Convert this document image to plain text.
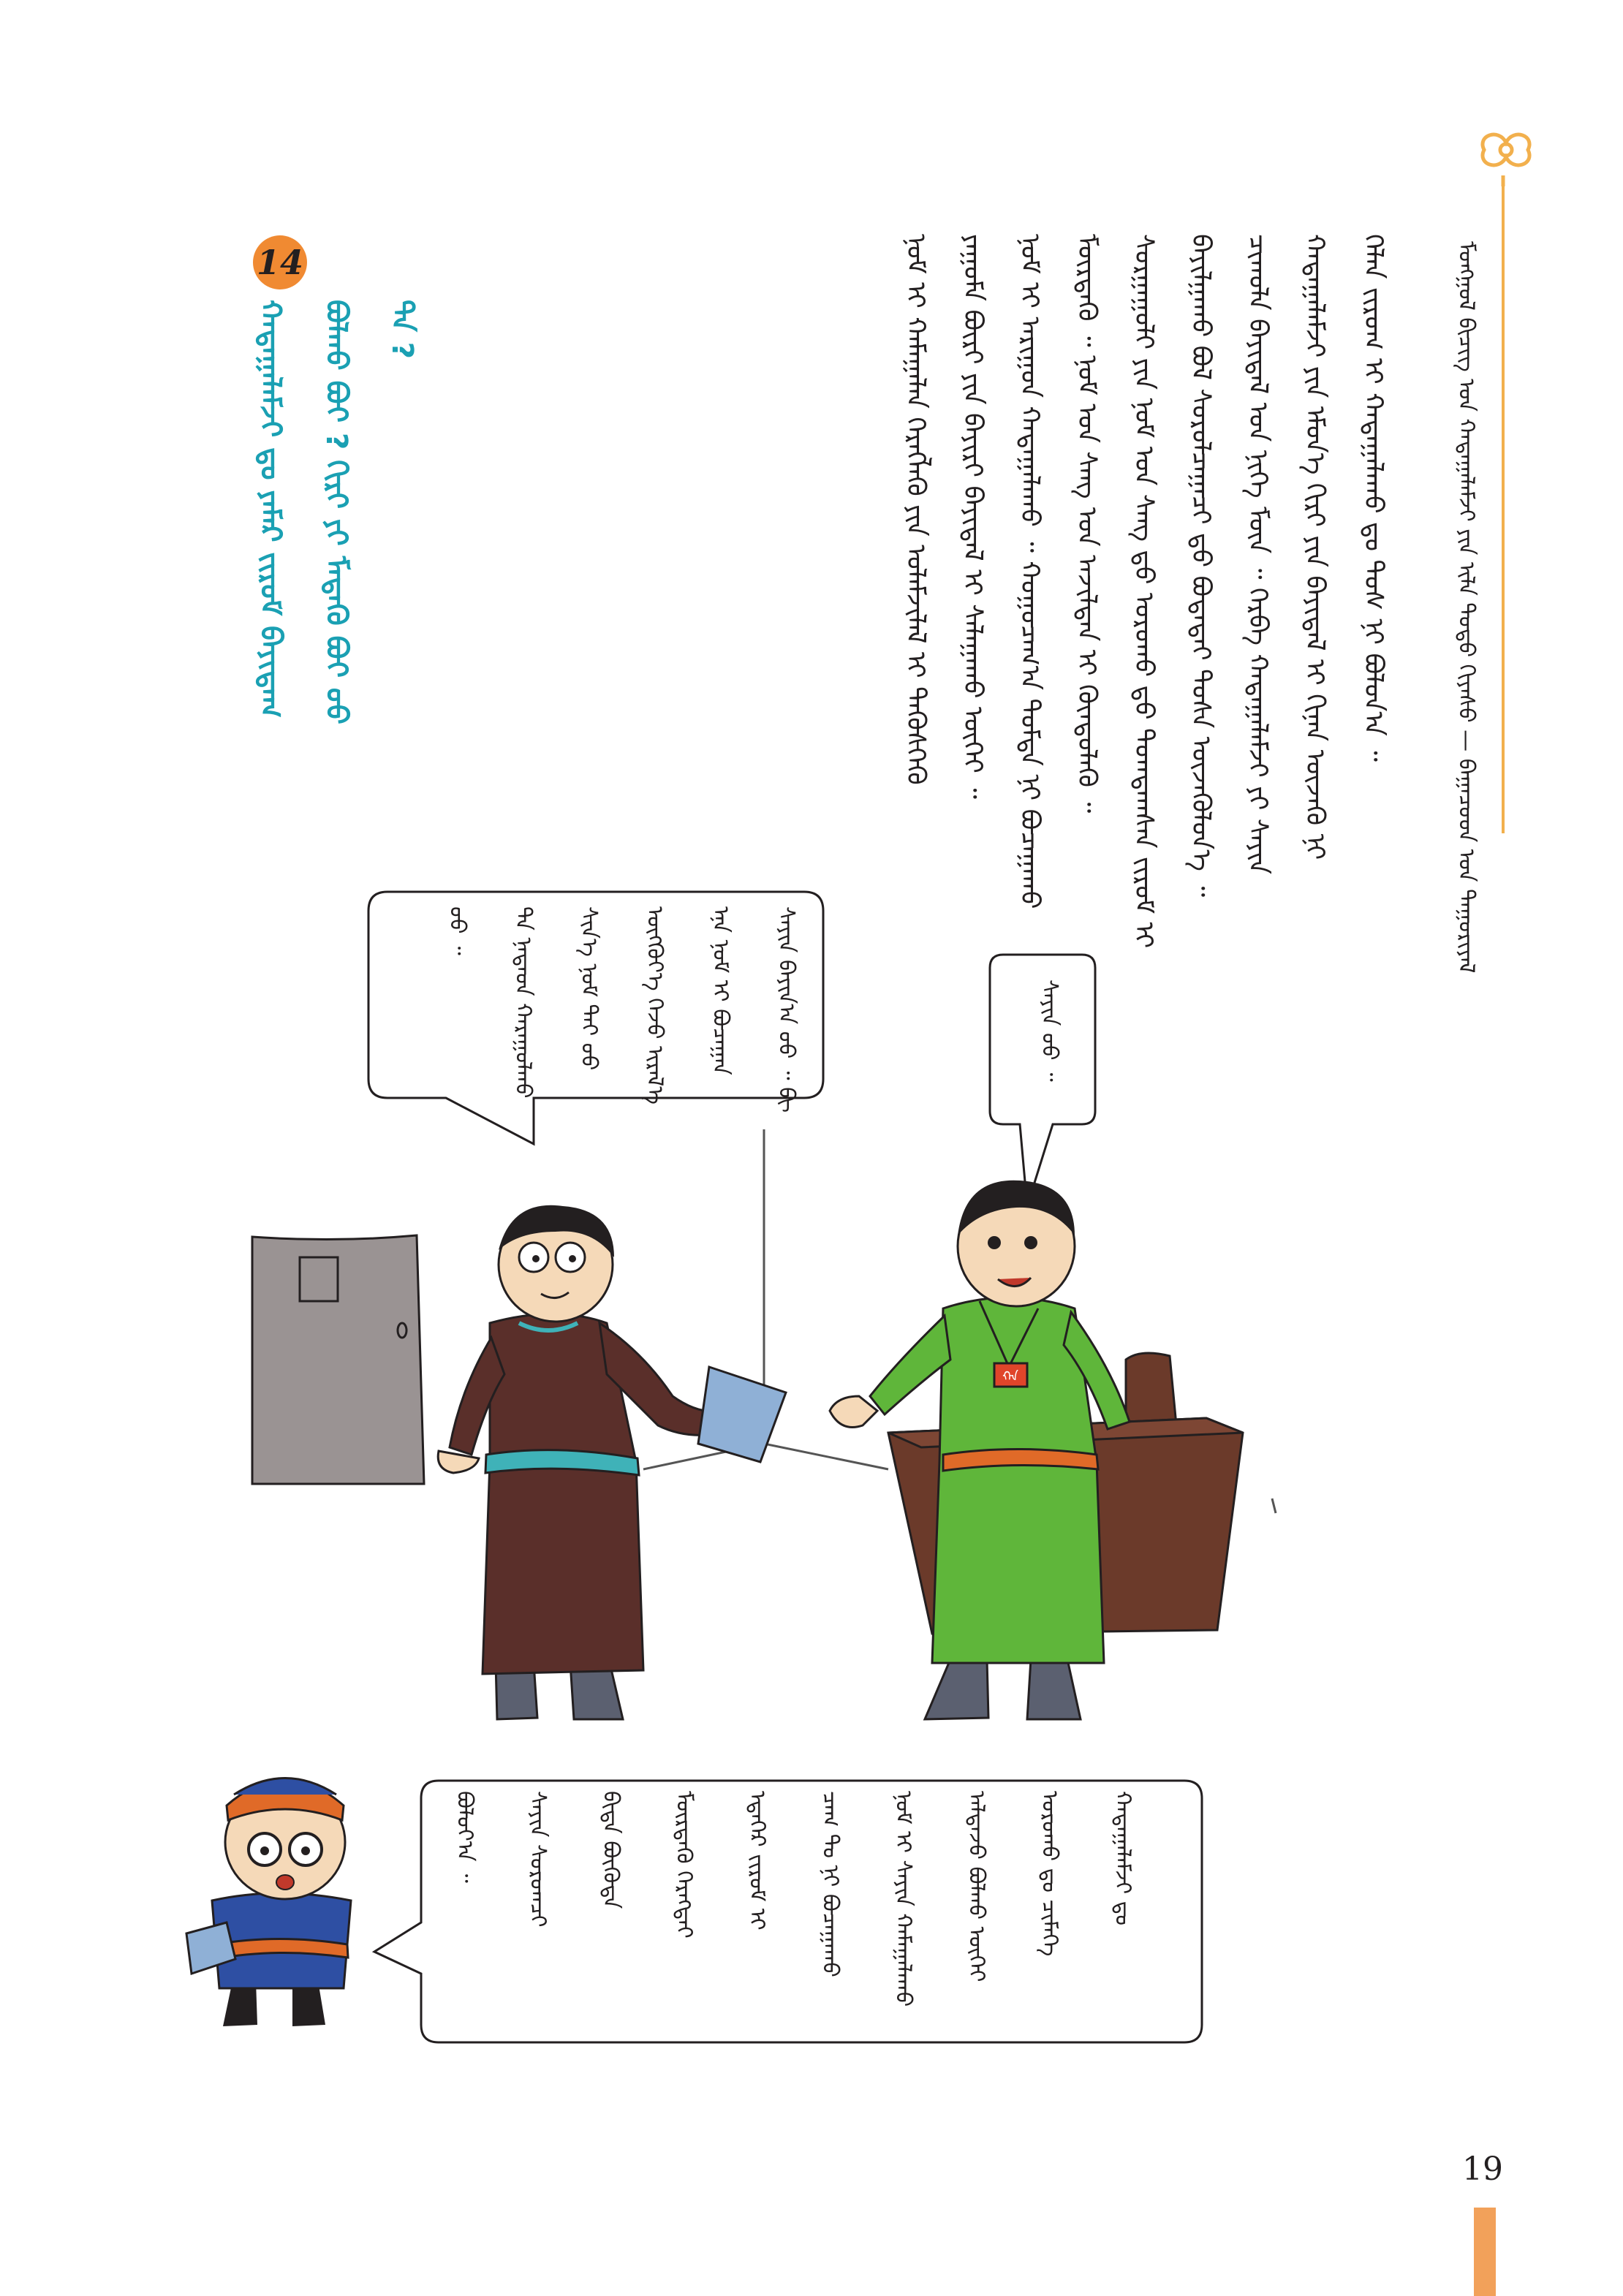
ᠮᠣᠩᠭᠣᠯ ᠪᠢᠴᠢᠭ᠌ ᠤᠨ ᠬᠠᠳᠠᠭᠠᠯᠠᠮᠵᠢ ᠶᠢᠨ ᠢᠯᠡ ᠲᠣᠳᠣ ᠬᠢᠶᠠᠰᠤ — ᠪᠠᠭᠠᠴᠤᠳ ᠤᠨ ᠳᠠᠭᠤᠷᠢᠶᠠᠯ
ᠬᠡᠯᠡᠨ ᠵᠢᠷᠤᠭ ᠢ ᠬᠠᠳᠠᠭᠠᠯᠠᠬᠤ ᠳᠤ ᠲᠤᠰ ᠨᠢ ᠪᠣᠯᠤᠨ᠎ᠠ ᠃
ᠬᠠᠳᠠᠭᠠᠯᠠᠮᠵᠢ ᠶᠢᠨ ᠡᠮᠦᠨ᠎ᠡ ᠬᠢᠷᠢ ᠶᠢᠨ ᠪᠠᠶᠢᠳᠠᠯ ᠢ ᠬᠢᠨᠠᠨ ᠦᠵᠡᠬᠦ ᠨᠢ
ᠴᠢᠬᠤᠯᠠ ᠪᠠᠶᠢᠳᠠᠯ ᠤᠨ ᠨᠢᠭᠡ ᠮᠥᠨ ᠃ ᠬᠡᠷᠪᠡ ᠬᠠᠳᠠᠭᠠᠯᠠᠮᠵᠢ ᠶᠢ ᠰᠠᠶᠢᠨ
ᠪᠠᠶᠢᠯᠭᠠᠬᠤ ᠪᠣᠯ ᠰᠤᠷᠤᠯᠴᠠᠭᠠᠴᠢ ᠳ᠋ᠤ ᠪᠣᠳᠠᠳᠠᠢ ᠲᠤᠰᠠ ᠦᠵᠡᠭᠦᠯᠦᠨ᠎ᠡ ᠃
ᠰᠤᠷᠭᠠᠭᠤᠯᠢ ᠶᠢᠨ ᠨᠣᠮ ᠤᠨ ᠰᠠᠩ ᠳ᠋ᠤ ᠣᠷᠣᠬᠤ ᠳ᠋ᠤ ᠲᠣᠭᠲᠠᠭᠰᠠᠨ ᠵᠢᠷᠤᠮ ᠢ
ᠮᠥᠷᠳᠡᠬᠦ ᠃ ᠨᠣᠮ ᠤᠨ ᠰᠠᠩ ᠤᠨ ᠠᠵᠢᠯᠲᠠᠨ ᠢ ᠬᠦᠨᠳᠦᠯᠡᠬᠦ ᠃
ᠨᠣᠮ ᠢ ᠠᠷᠢᠭᠤᠨ ᠬᠠᠳᠠᠭᠠᠯᠠᠬᠤ ᠃ ᠬᠤᠭᠤᠴᠠᠭ᠎ᠠ ᠳᠤᠮᠳᠠ ᠨᠢ ᠪᠤᠴᠠᠭᠠᠬᠤ
ᠶᠠᠭᠤᠮᠠ ᠪᠦᠷᠢ ᠶᠢᠨ ᠪᠠᠶᠢᠷᠢ ᠪᠠᠶᠢᠳᠠᠯ ᠢ ᠰᠠᠯᠠᠭᠠᠬᠤ ᠦᠭᠡᠢ ᠃
ᠨᠣᠮ ᠢ ᠬᠠᠮᠠᠭᠠᠯᠠᠨ ᠬᠡᠷᠡᠭᠯᠡᠬᠦ ᠶᠢᠨ ᠤᠯᠠᠮᠵᠢᠯᠠᠯ ᠢ ᠲᠡᠭᠦᠰᠭᠡᠬᠦ
14
ᠬᠠᠳᠠᠭᠠᠯᠠᠮᠵᠢ ᠳᠤ ᠶᠠᠮᠠᠷ ᠵᠢᠷᠤᠮ ᠪᠠᠶᠢᠳᠠᠭ ᠪᠣᠯᠬᠤ ᠪᠣᠢ ? ᠬᠢᠷᠢ ᠶᠢ ᠮᠡᠳᠡᠬᠦ ᠪᠤᠢ ᠤᠤ ᠲᠠ ?
ᠬᠠ
ᠰᠠᠶᠢᠨ ᠤᠤ ᠃
ᠰᠠᠶᠢᠨ ᠪᠠᠶᠢᠨ᠎ᠠ ᠤᠤ ᠃ ᠪᠢ
ᠡᠨᠡ ᠨᠣᠮ ᠢ ᠪᠤᠴᠠᠭᠠᠨ
ᠥᠭᠭᠦᠶ᠎ᠡ ᠭᠡᠵᠦ ᠢᠷᠡᠯ᠎ᠡ
ᠰᠢᠨ᠎ᠡ ᠨᠣᠮ ᠲᠠᠢ ᠤᠤ
ᠲᠠ ᠨᠠᠳᠠᠳ ᠬᠠᠷᠠᠭᠤᠯᠬᠤ
ᠤᠤ ᠃
ᠬᠠᠳᠠᠭᠠᠯᠠᠮᠵᠢ ᠳᠤ
ᠣᠷᠣᠬᠤ ᠳᠤ ᠴᠢᠮᠡᠭᠡ
ᠠᠯᠳᠠᠵᠤ ᠪᠣᠯᠬᠤ ᠦᠭᠡᠢ
ᠨᠣᠮ ᠢ ᠰᠠᠶᠢᠨ ᠬᠠᠮᠠᠭᠠᠯᠠᠬᠤ
ᠴᠠᠭ ᠲᠤ ᠨᠢ ᠪᠤᠴᠠᠭᠠᠬᠤ
ᠡᠳᠡᠭᠡᠷ ᠵᠢᠷᠤᠮ ᠢ
ᠮᠥᠷᠳᠡᠬᠦ ᠬᠡᠷᠡᠭᠲᠡᠢ
ᠪᠢᠳᠡ ᠪᠦᠭᠦᠳᠡ
ᠰᠠᠶᠢᠨ ᠰᠤᠷᠤᠭᠴᠢ
ᠪᠣᠯᠤᠶ᠎ᠠ ᠃
19
